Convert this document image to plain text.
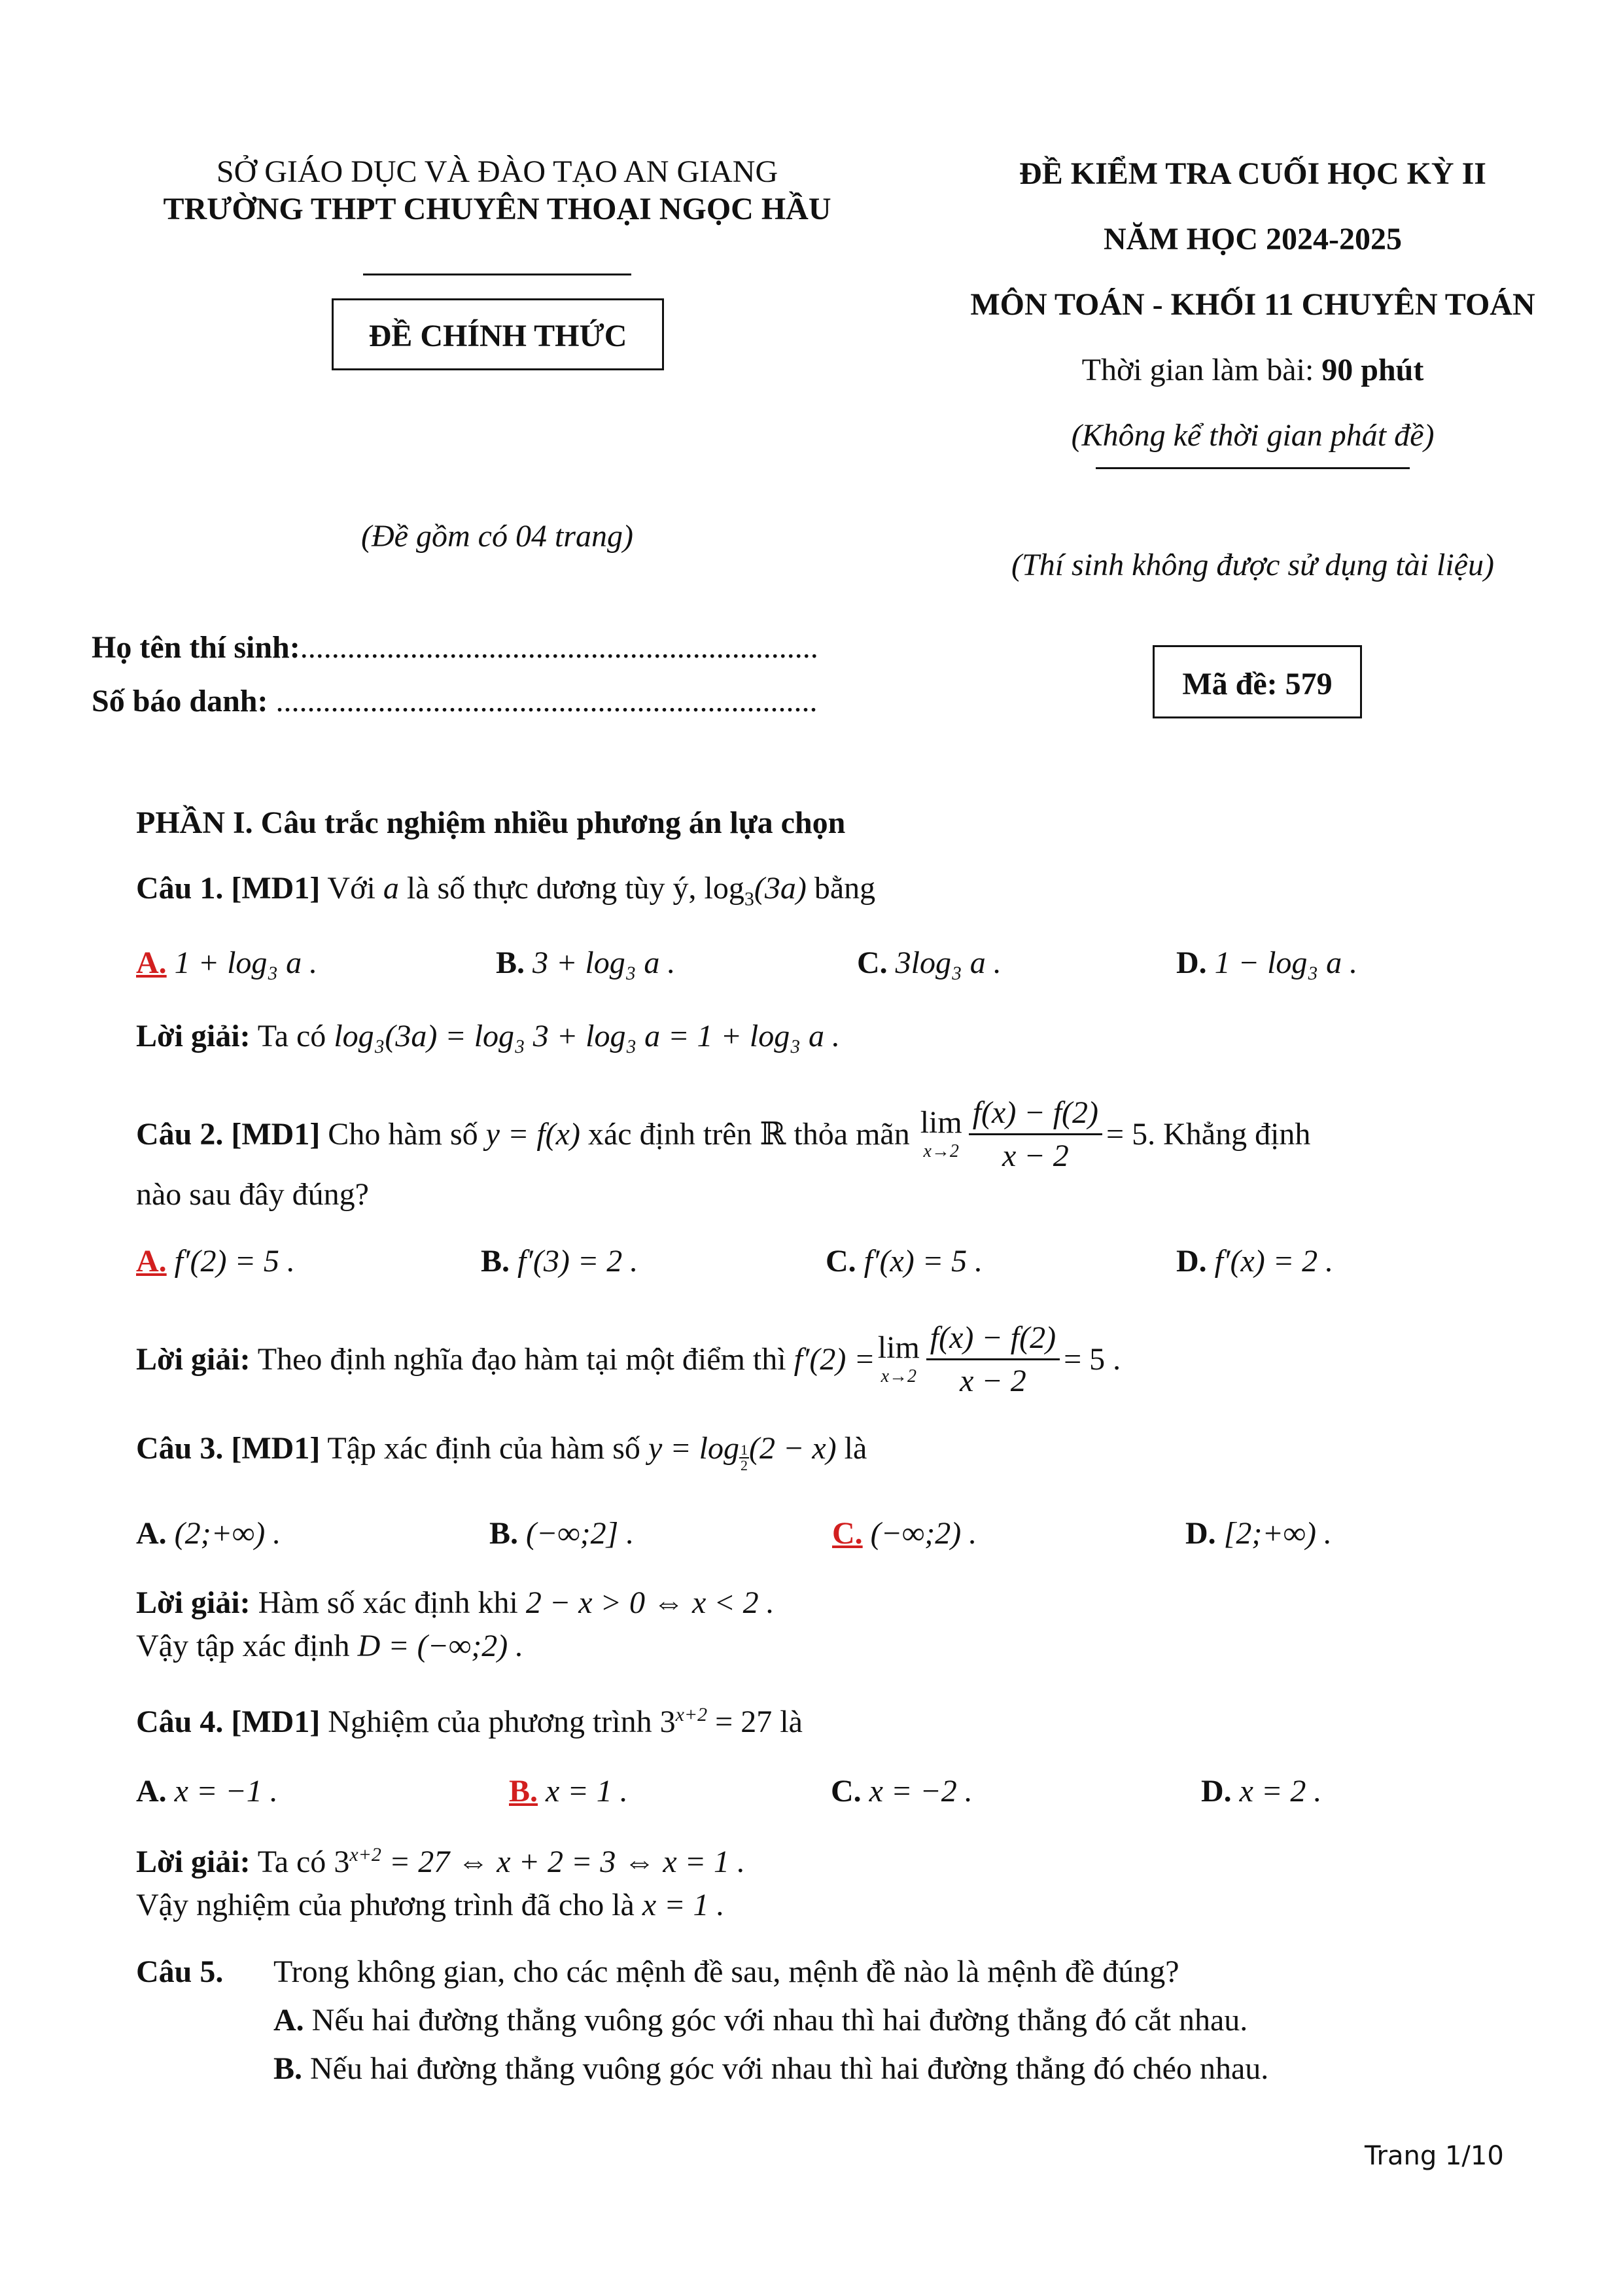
SỞ GIÁO DỤC VÀ ĐÀO TẠO AN GIANG
TRƯỜNG THPT CHUYÊN THOẠI NGỌC HẦU
ĐỀ CHÍNH THỨC
(Đề gồm có 04 trang)
ĐỀ KIỂM TRA CUỐI HỌC KỲ II
NĂM HỌC 2024-2025
MÔN TOÁN - KHỐI 11 CHUYÊN TOÁN
Thời gian làm bài: 90 phút
(Không kể thời gian phát đề)
(Thí sinh không được sử dụng tài liệu)
Họ tên thí sinh:..................................................................
Số báo danh: .....................................................................	Mã đề: 579
PHẦN I. Câu trắc nghiệm nhiều phương án lựa chọn
Câu 1. [MD1] Với a là số thực dương tùy ý, $\log_3(3a)$ bằng
A. 1 + log₃ a .	B. 3 + log₃ a .	C. 3log₃ a .	D. 1 − log₃ a .
Lời giải: Ta có log₃(3a) = log₃ 3 + log₃ a = 1 + log₃ a .
Câu 2. [MD1] Cho hàm số y = f(x) xác định trên ℝ thỏa mãn lim
$x\to 2 \frac{f(x) - f(2)}{x - 2} = 5$ . Khẳng định
nào sau đây đúng?
A. f′(2) = 5 .	B. f′(3) = 2 .	C. f′(x) = 5 .	D. f′(x) = 2 .
Lời giải: Theo định nghĩa đạo hàm tại một điểm thì f′(2) = lim
$x\to 2 \frac{f(x) - f(2)}{x - 2} = 5$ .
Câu 3. [MD1] Tập xác định của hàm số $y = \log \frac{1}{2} (2 - x)$ là
A. (2;+∞) .	B. (−∞;2] .	C. (−∞;2) .	D. [2;+∞) .
Lời giải: Hàm số xác định khi 2 − x > 0 ⇔ x < 2 .
Vậy tập xác định D = (−∞;2) .
Câu 4. [MD1] Nghiệm của phương trình $3^{x+2} = 27$ là
A. x = −1 .	B. x = 1 .	C. x = −2 .	D. x = 2 .
Lời giải: Ta có $3^{x+2} = 27$ ⇔ x + 2 = 3 ⇔ x = 1 .
Vậy nghiệm của phương trình đã cho là x = 1 .
Câu 5. Trong không gian, cho các mệnh đề sau, mệnh đề nào là mệnh đề đúng?
A. Nếu hai đường thẳng vuông góc với nhau thì hai đường thẳng đó cắt nhau.
B. Nếu hai đường thẳng vuông góc với nhau thì hai đường thẳng đó chéo nhau.
Trang 1/10
